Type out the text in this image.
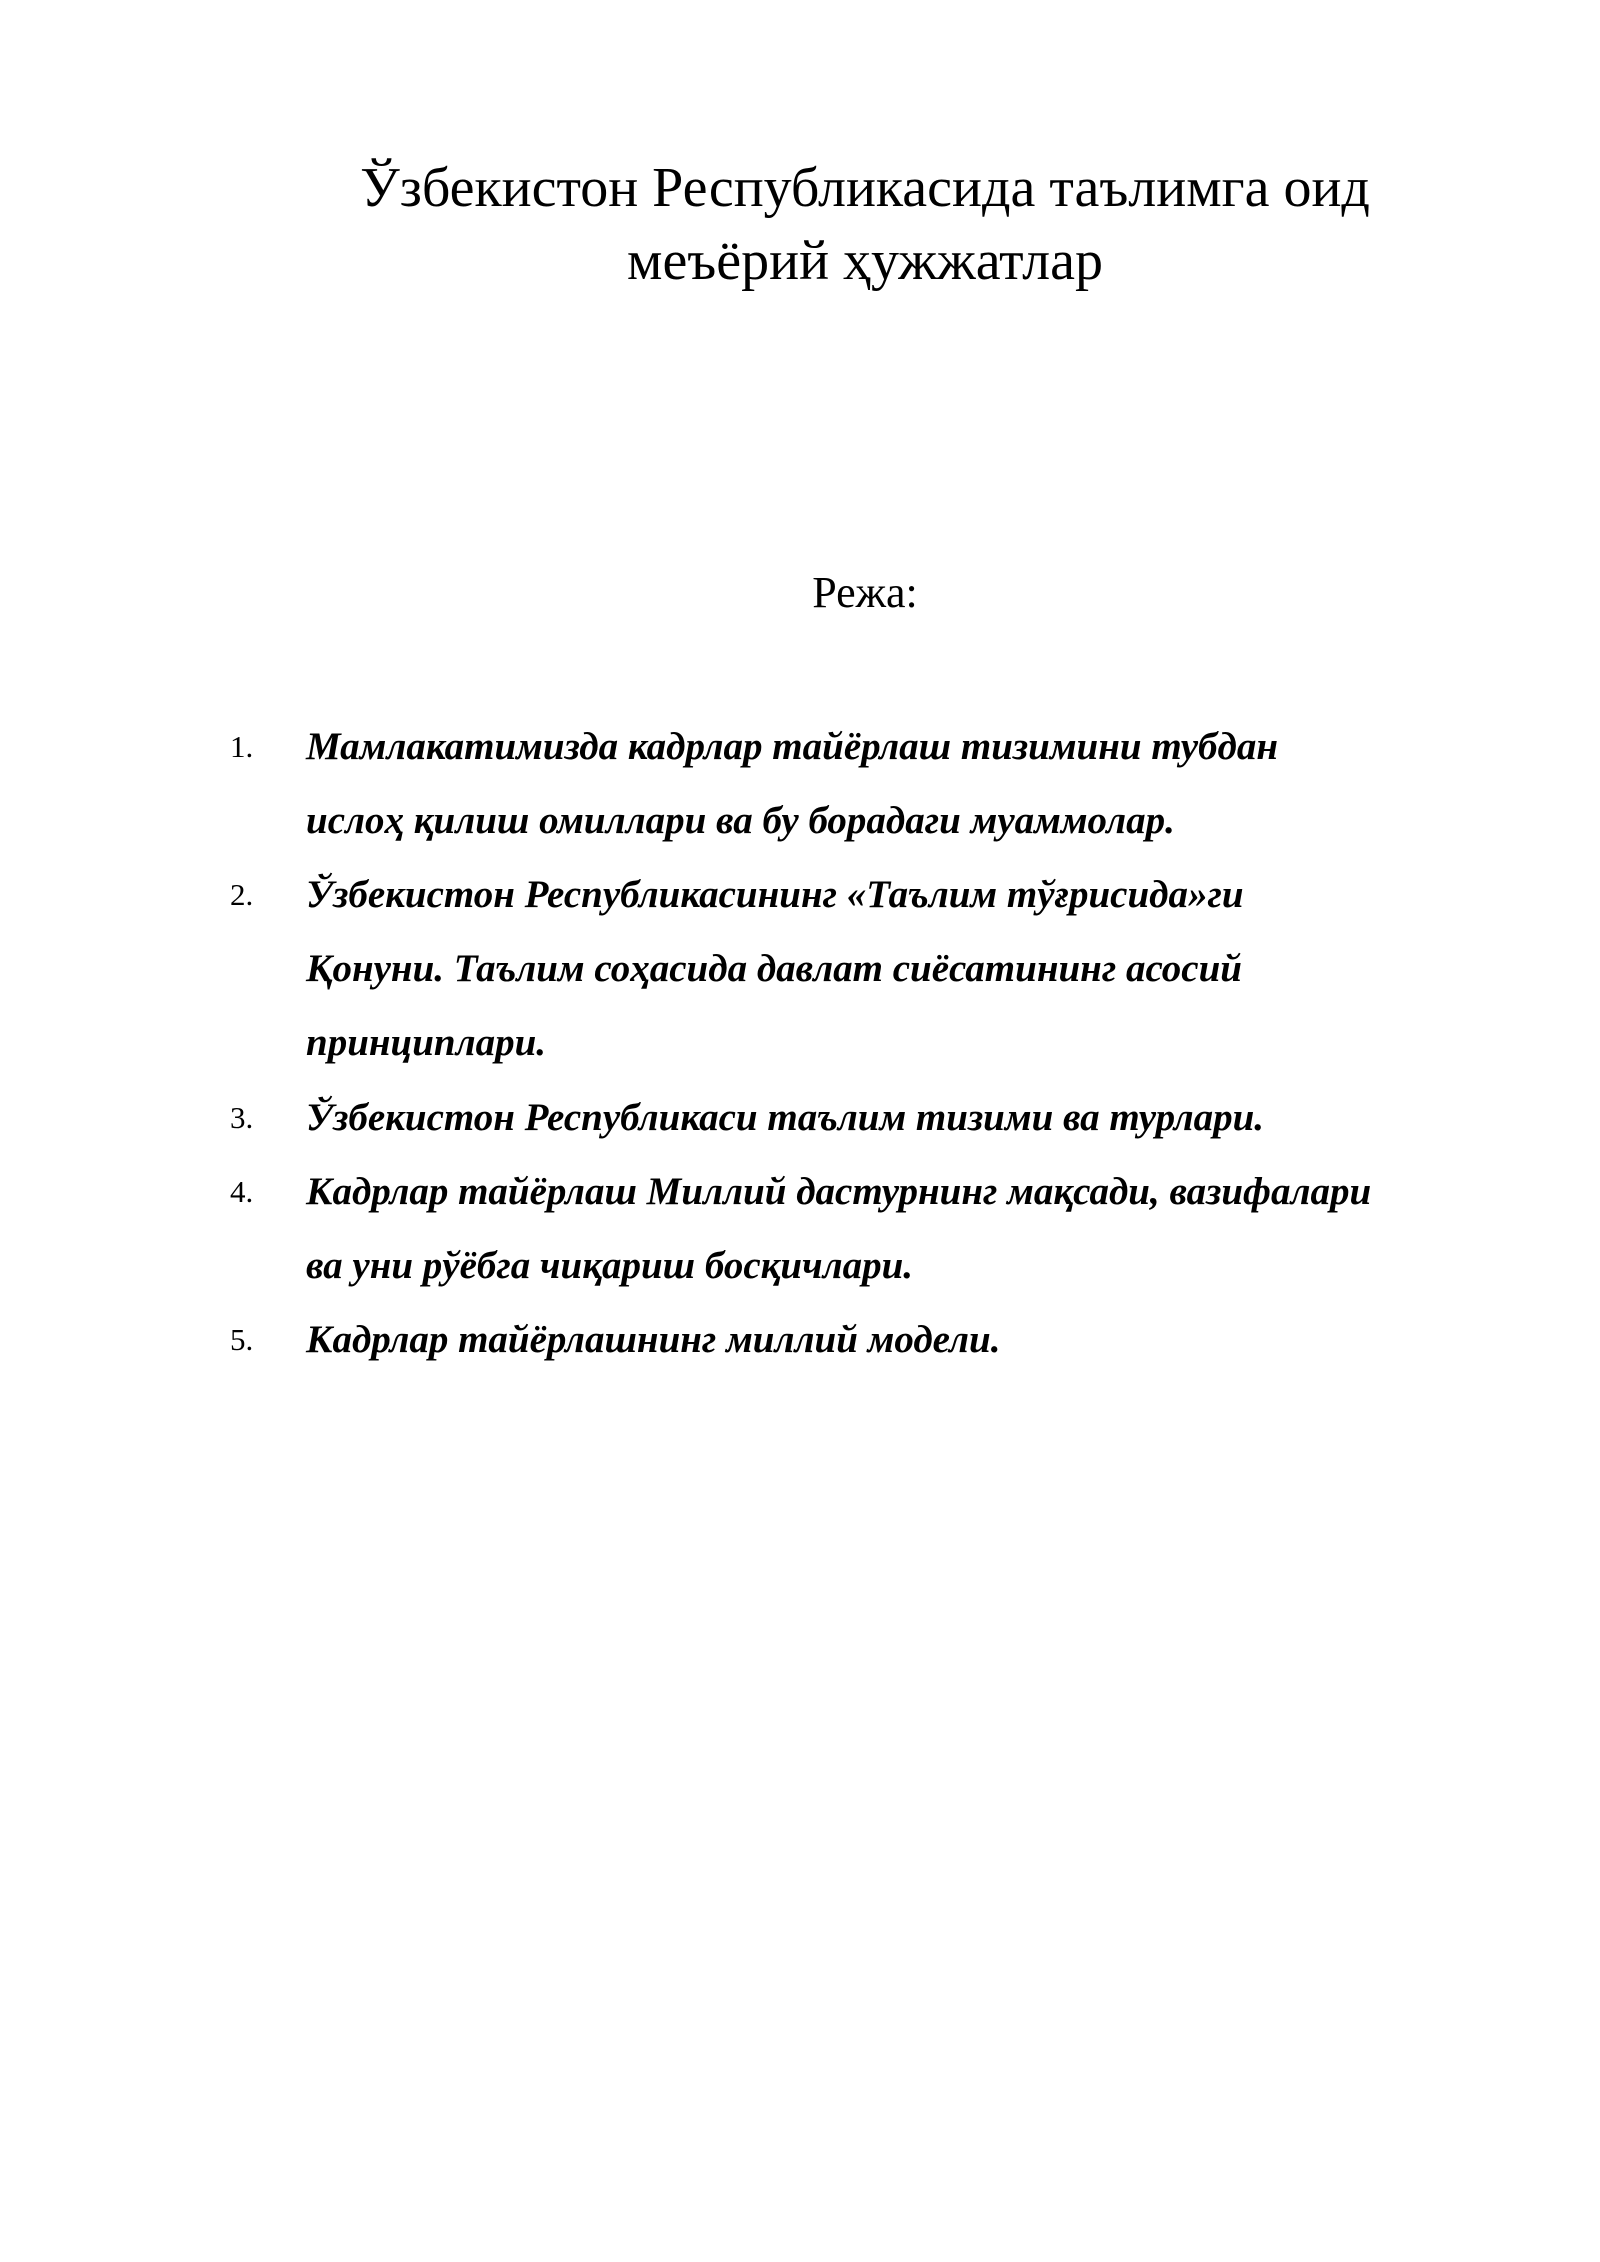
Ўзбекистон Республикасида таълимга оид
меъёрий ҳужжатлар
Режа:
1.	Мамлакатимизда кадрлар тайёрлаш тизимини тубдан
ислоҳ қилиш омиллари ва бу борадаги муаммолар.
2.	Ўзбекистон Республикасининг «Таълим тўғрисида»ги
Қонуни. Таълим соҳасида давлат сиёсатининг асосий
принциплари.
3.	Ўзбекистон Республикаси таълим тизими ва турлари.
4.	Кадрлар тайёрлаш Миллий дастурнинг мақсади, вазифалари
ва уни рўёбга чиқариш босқичлари.
5.	Кадрлар тайёрлашнинг миллий модели.
